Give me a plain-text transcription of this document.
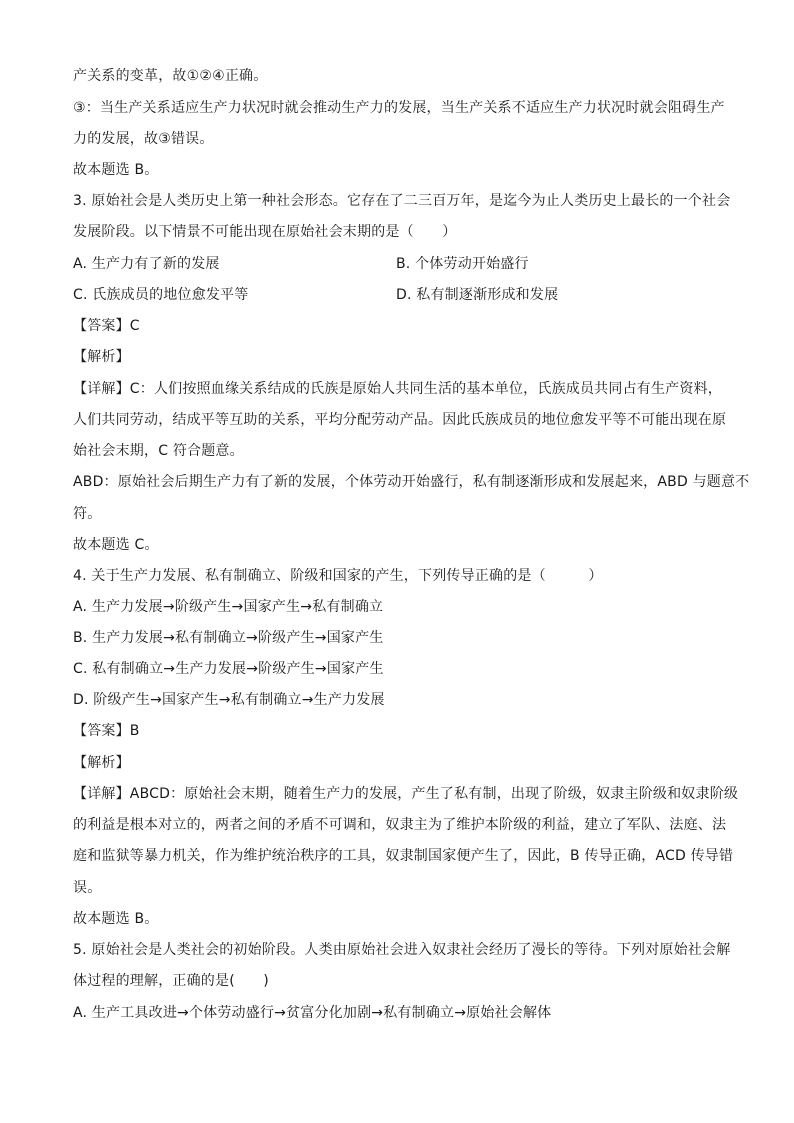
产关系的变革，故①②④正确。
③：当生产关系适应生产力状况时就会推动生产力的发展，当生产关系不适应生产力状况时就会阻碍生产
力的发展，故③错误。
故本题选 B。
3. 原始社会是人类历史上第一种社会形态。它存在了二三百万年，是迄今为止人类历史上最长的一个社会
发展阶段。以下情景不可能出现在原始社会末期的是（　　）
A. 生产力有了新的发展	B. 个体劳动开始盛行
C. 氏族成员的地位愈发平等	D. 私有制逐渐形成和发展
【答案】C
【解析】
【详解】C：人们按照血缘关系结成的氏族是原始人共同生活的基本单位，氏族成员共同占有生产资料，
人们共同劳动，结成平等互助的关系，平均分配劳动产品。因此氏族成员的地位愈发平等不可能出现在原
始社会末期，C 符合题意。
ABD：原始社会后期生产力有了新的发展，个体劳动开始盛行，私有制逐渐形成和发展起来，ABD 与题意不
符。
故本题选 C。
4. 关于生产力发展、私有制确立、阶级和国家的产生，下列传导正确的是（　　　）
A. 生产力发展→阶级产生→国家产生→私有制确立
B. 生产力发展→私有制确立→阶级产生→国家产生
C. 私有制确立→生产力发展→阶级产生→国家产生
D. 阶级产生→国家产生→私有制确立→生产力发展
【答案】B
【解析】
【详解】ABCD：原始社会末期，随着生产力的发展，产生了私有制，出现了阶级，奴隶主阶级和奴隶阶级
的利益是根本对立的，两者之间的矛盾不可调和，奴隶主为了维护本阶级的利益，建立了军队、法庭、法
庭和监狱等暴力机关，作为维护统治秩序的工具，奴隶制国家便产生了，因此，B 传导正确，ACD 传导错
误。
故本题选 B。
5. 原始社会是人类社会的初始阶段。人类由原始社会进入奴隶社会经历了漫长的等待。下列对原始社会解
体过程的理解，正确的是(　　)
A. 生产工具改进→个体劳动盛行→贫富分化加剧→私有制确立→原始社会解体
